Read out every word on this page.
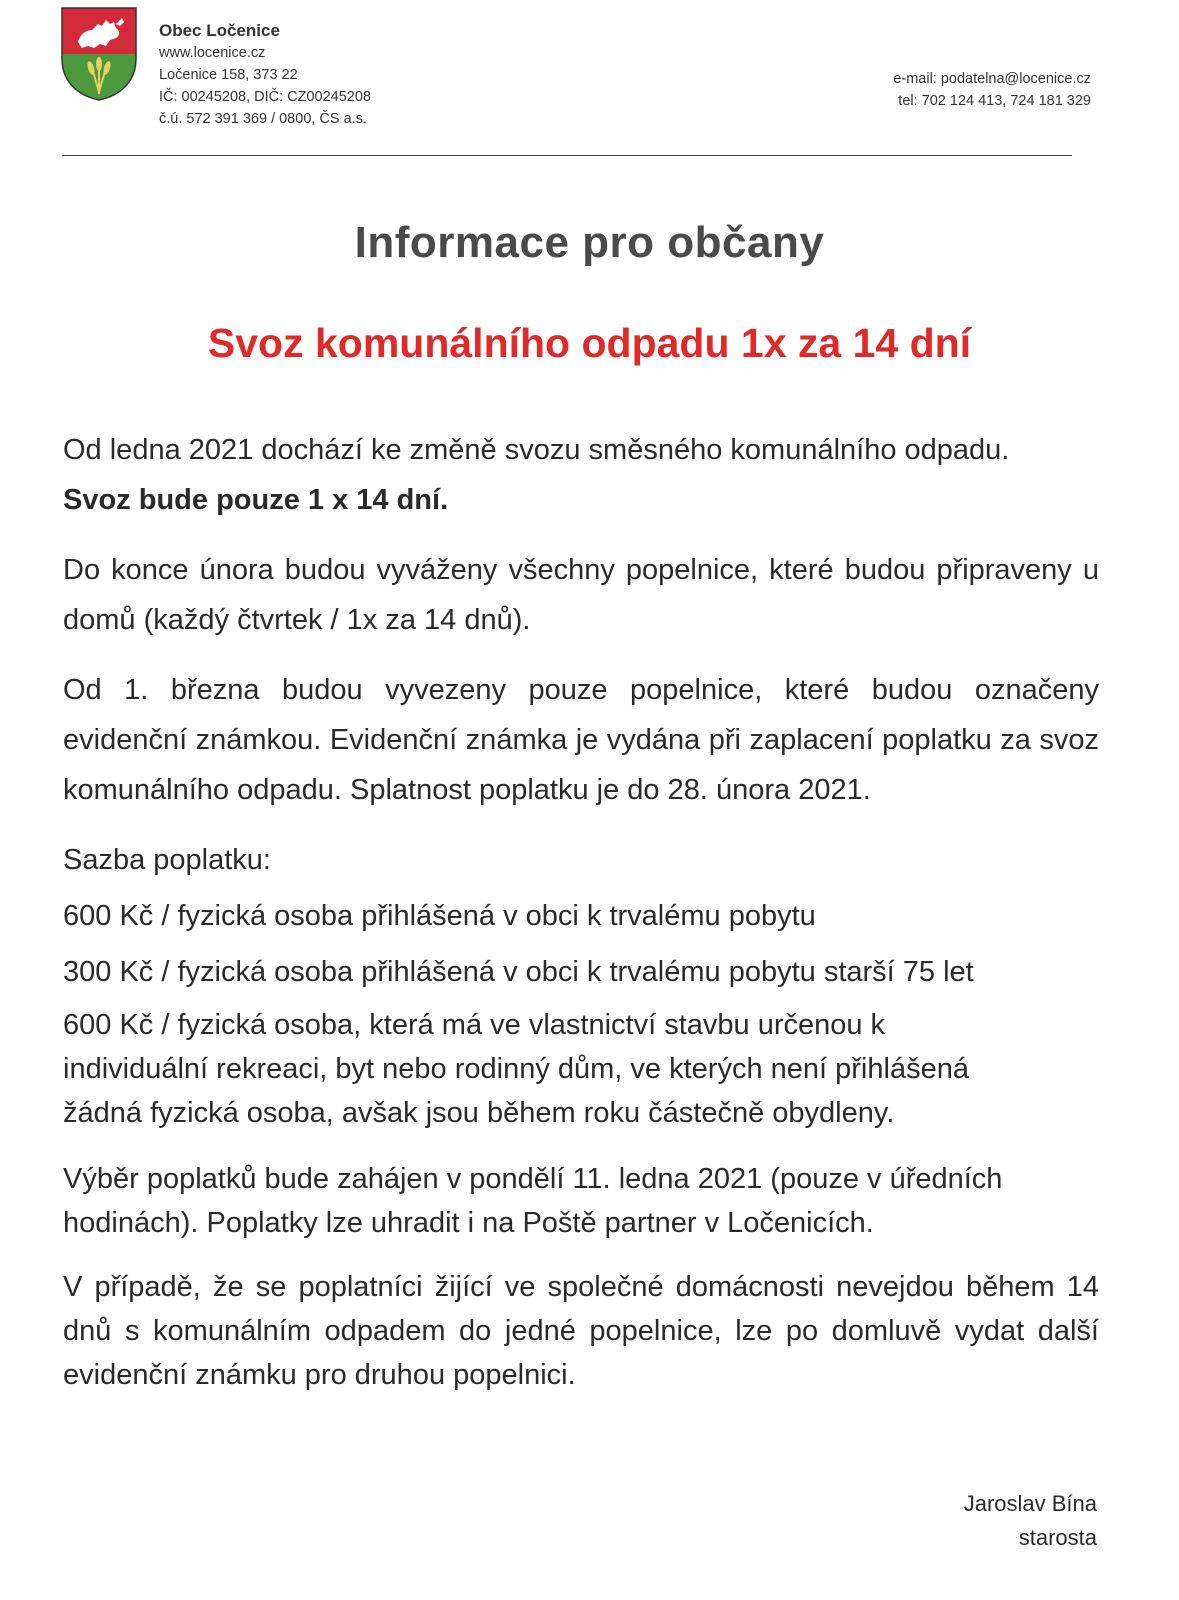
Obec Ločenice
www.locenice.cz
Ločenice 158, 373 22
IČ: 00245208, DIČ: CZ00245208
č.ú. 572 391 369 / 0800, ČS a.s.
e-mail: podatelna@locenice.cz
tel: 702 124 413, 724 181 329
Informace pro občany
Svoz komunálního odpadu 1x za 14 dní

Od ledna 2021 dochází ke změně svozu směsného komunálního odpadu.
Svoz bude pouze 1 x 14 dní.

Do konce února budou vyváženy všechny popelnice, které budou připraveny u domů (každý čtvrtek / 1x za 14 dnů).

Od 1. března budou vyvezeny pouze popelnice, které budou označeny evidenční známkou. Evidenční známka je vydána při zaplacení poplatku za svoz komunálního odpadu. Splatnost poplatku je do 28. února 2021.

Sazba poplatku:

600 Kč / fyzická osoba přihlášená v obci k trvalému pobytu

300 Kč / fyzická osoba přihlášená v obci k trvalému pobytu starší 75 let

600 Kč / fyzická osoba, která má ve vlastnictví stavbu určenou k individuální rekreaci, byt nebo rodinný dům, ve kterých není přihlášená žádná fyzická osoba, avšak jsou během roku částečně obydleny.

Výběr poplatků bude zahájen v pondělí 11. ledna 2021 (pouze v úředních hodinách). Poplatky lze uhradit i na Poště partner v Ločenicích.

V případě, že se poplatníci žijící ve společné domácnosti nevejdou během 14 dnů s komunálním odpadem do jedné popelnice, lze po domluvě vydat další evidenční známku pro druhou popelnici.

Jaroslav Bína
starosta
